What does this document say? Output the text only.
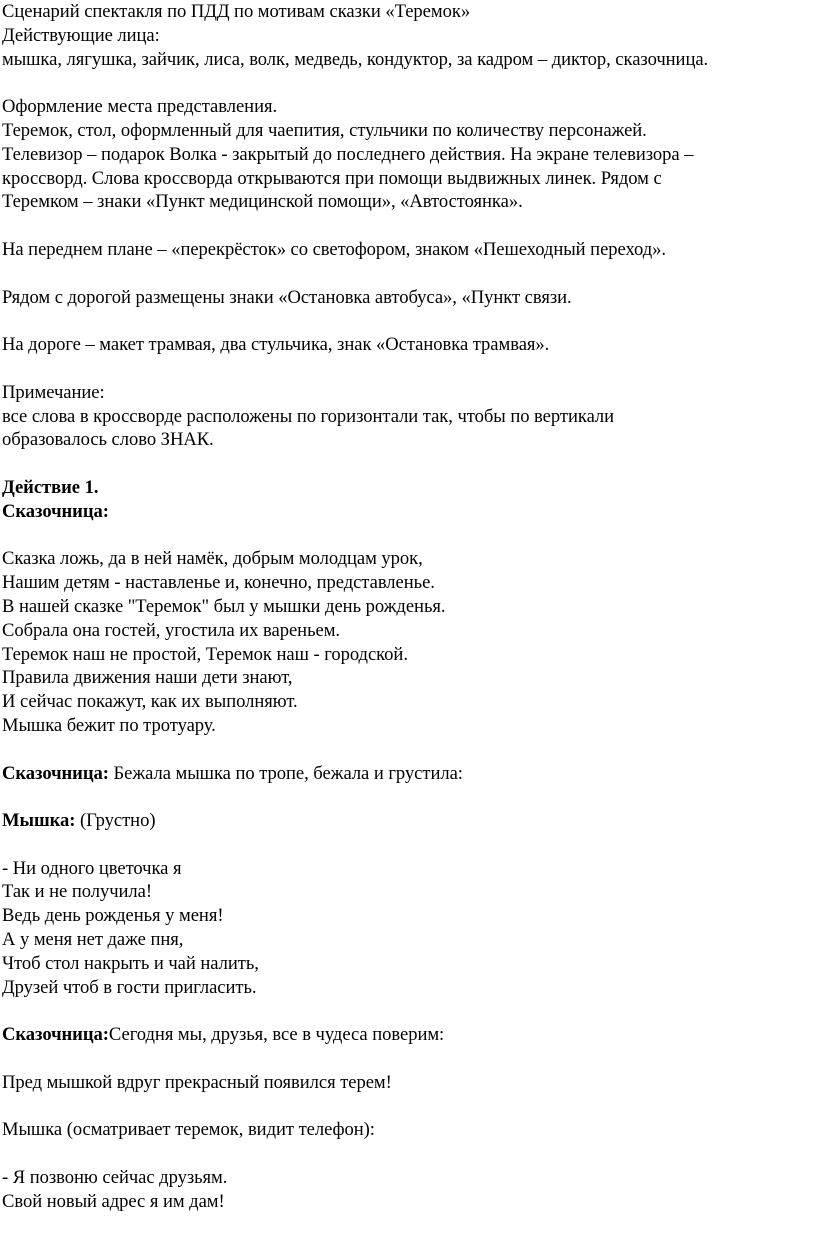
Сценарий спектакля по ПДД по мотивам сказки «Теремок»
Действующие лица:
мышка, лягушка, зайчик, лиса, волк, медведь, кондуктор, за кадром – диктор, сказочница.
Оформление места представления.
Теремок, стол, оформленный для чаепития, стульчики по количеству персонажей.
Телевизор – подарок Волка - закрытый до последнего действия. На экране телевизора –
кроссворд. Слова кроссворда открываются при помощи выдвижных линек. Рядом с
Теремком – знаки «Пункт медицинской помощи», «Автостоянка».
На переднем плане – «перекрёсток» со светофором, знаком «Пешеходный переход».
Рядом с дорогой размещены знаки «Остановка автобуса», «Пункт связи.
На дороге – макет трамвая, два стульчика, знак «Остановка трамвая».
Примечание:
все слова в кроссворде расположены по горизонтали так, чтобы по вертикали
образовалось слово ЗНАК.
Действие 1.
Сказочница:
Сказка ложь, да в ней намёк, добрым молодцам урок,
Нашим детям - наставленье и, конечно, представленье.
В нашей сказке "Теремок" был у мышки день рожденья.
Собрала она гостей, угостила их вареньем.
Теремок наш не простой, Теремок наш - городской.
Правила движения наши дети знают,
И сейчас покажут, как их выполняют.
Мышка бежит по тротуару.
Сказочница: Бежала мышка по тропе, бежала и грустила:
Мышка: (Грустно)
- Ни одного цветочка я
Так и не получила!
Ведь день рожденья у меня!
А у меня нет даже пня,
Чтоб стол накрыть и чай налить,
Друзей чтоб в гости пригласить.
Сказочница:Сегодня мы, друзья, все в чудеса поверим:
Пред мышкой вдруг прекрасный появился терем!
Мышка (осматривает теремок, видит телефон):
- Я позвоню сейчас друзьям.
Свой новый адрес я им дам!
